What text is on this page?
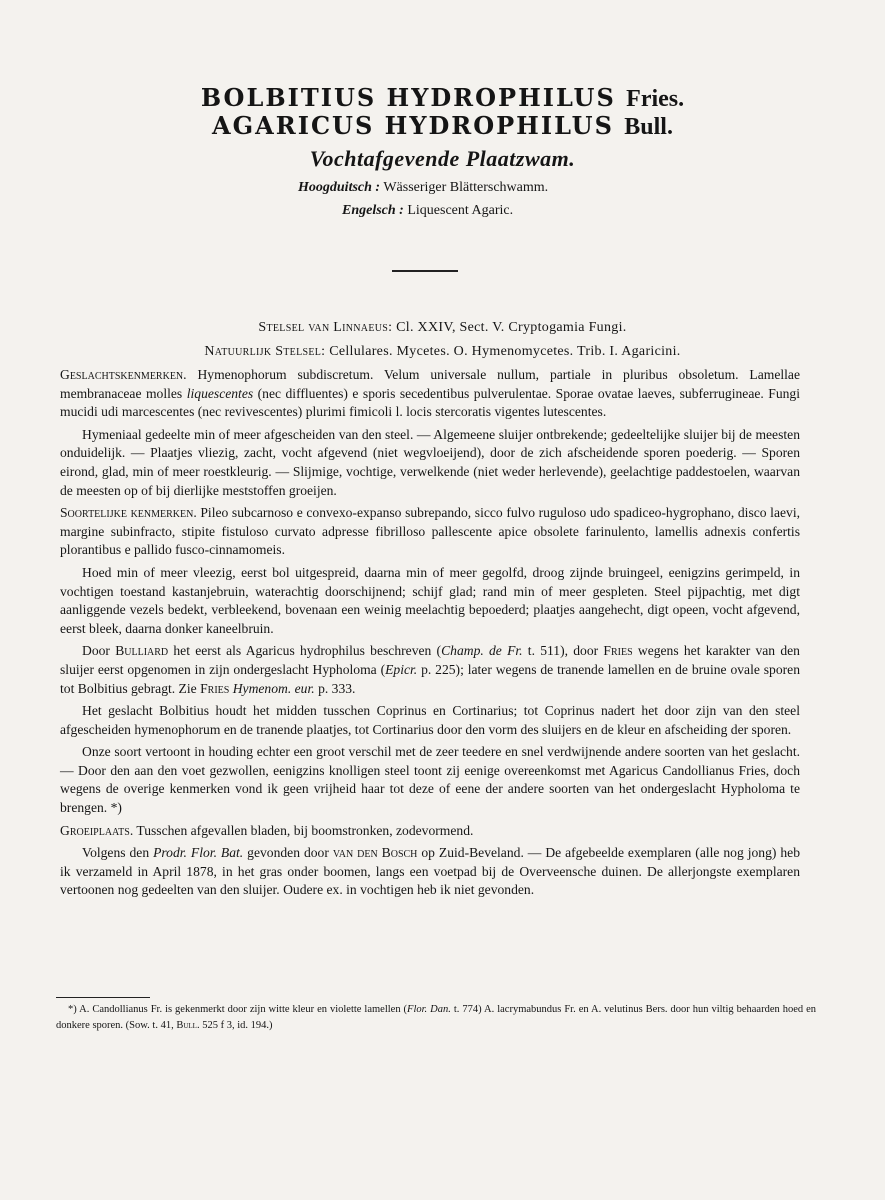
BOLBITIUS HYDROPHILUS Fries.
AGARICUS HYDROPHILUS Bull.
Vochtafgevende Plaatzwam.
Hoogduitsch : Wässeriger Blätterschwamm.
Engelsch : Liquescent Agaric.
Stelsel van Linnaeus: Cl. XXIV, Sect. V. Cryptogamia Fungi.
Natuurlijk Stelsel: Cellulares. Mycetes. O. Hymenomycetes. Trib. I. Agaricini.

Geslachtskenmerken. Hymenophorum subdiscretum. Velum universale nullum, partiale in pluribus obsoletum. Lamellae membranaceae molles liquescentes (nec diffluentes) e sporis secedentibus pulverulentae. Sporae ovatae laeves, subferrugineae. Fungi mucidi udi marcescentes (nec revivescentes) plurimi fimicoli l. locis stercoratis vigentes lutescentes.

Hymeniaal gedeelte min of meer afgescheiden van den steel. — Algemeene sluijer ontbrekende; gedeeltelijke sluijer bij de meesten onduidelijk. — Plaatjes vliezig, zacht, vocht afgevend (niet wegvloeijend), door de zich afscheidende sporen poederig. — Sporen eirond, glad, min of meer roestkleurig. — Slijmige, vochtige, verwelkende (niet weder herlevende), geelachtige paddestoelen, waarvan de meesten op of bij dierlijke meststoffen groeijen.

Soortelijke kenmerken. Pileo subcarnoso e convexo-expanso subrepando, sicco fulvo ruguloso udo spadiceo-hygrophano, disco laevi, margine subinfracto, stipite fistuloso curvato adpresse fibrilloso pallescente apice obsolete farinulento, lamellis adnexis confertis plorantibus e pallido fusco-cinnamomeis.

Hoed min of meer vleezig, eerst bol uitgespreid, daarna min of meer gegolfd, droog zijnde bruingeel, eenigzins gerimpeld, in vochtigen toestand kastanjebruin, waterachtig doorschijnend; schijf glad; rand min of meer gespleten. Steel pijpachtig, met digt aanliggende vezels bedekt, verbleekend, bovenaan een weinig meelachtig bepoederd; plaatjes aangehecht, digt opeen, vocht afgevend, eerst bleek, daarna donker kaneelbruin.

Door Bulliard het eerst als Agaricus hydrophilus beschreven (Champ. de Fr. t. 511), door Fries wegens het karakter van den sluijer eerst opgenomen in zijn ondergeslacht Hypholoma (Epicr. p. 225); later wegens de tranende lamellen en de bruine ovale sporen tot Bolbitius gebragt. Zie Fries Hymenom. eur. p. 333.

Het geslacht Bolbitius houdt het midden tusschen Coprinus en Cortinarius; tot Coprinus nadert het door zijn van den steel afgescheiden hymenophorum en de tranende plaatjes, tot Cortinarius door den vorm des sluijers en de kleur en afscheiding der sporen.

Onze soort vertoont in houding echter een groot verschil met de zeer teedere en snel verdwijnende andere soorten van het geslacht. — Door den aan den voet gezwollen, eenigzins knolligen steel toont zij eenige overeenkomst met Agaricus Candollianus Fries, doch wegens de overige kenmerken vond ik geen vrijheid haar tot deze of eene der andere soorten van het ondergeslacht Hypholoma te brengen. *)

Groeiplaats. Tusschen afgevallen bladen, bij boomstronken, zodevormend.

Volgens den Prodr. Flor. Bat. gevonden door van den Bosch op Zuid-Beveland. — De afgebeelde exemplaren (alle nog jong) heb ik verzameld in April 1878, in het gras onder boomen, langs een voetpad bij de Overveensche duinen. De allerjongste exemplaren vertoonen nog gedeelten van den sluijer. Oudere ex. in vochtigen heb ik niet gevonden.

*) A. Candollianus Fr. is gekenmerkt door zijn witte kleur en violette lamellen (Flor. Dan. t. 774) A. lacrymabundus Fr. en A. velutinus Bers. door hun viltig behaarden hoed en donkere sporen. (Sow. t. 41, Bull. 525 f 3, id. 194.)
